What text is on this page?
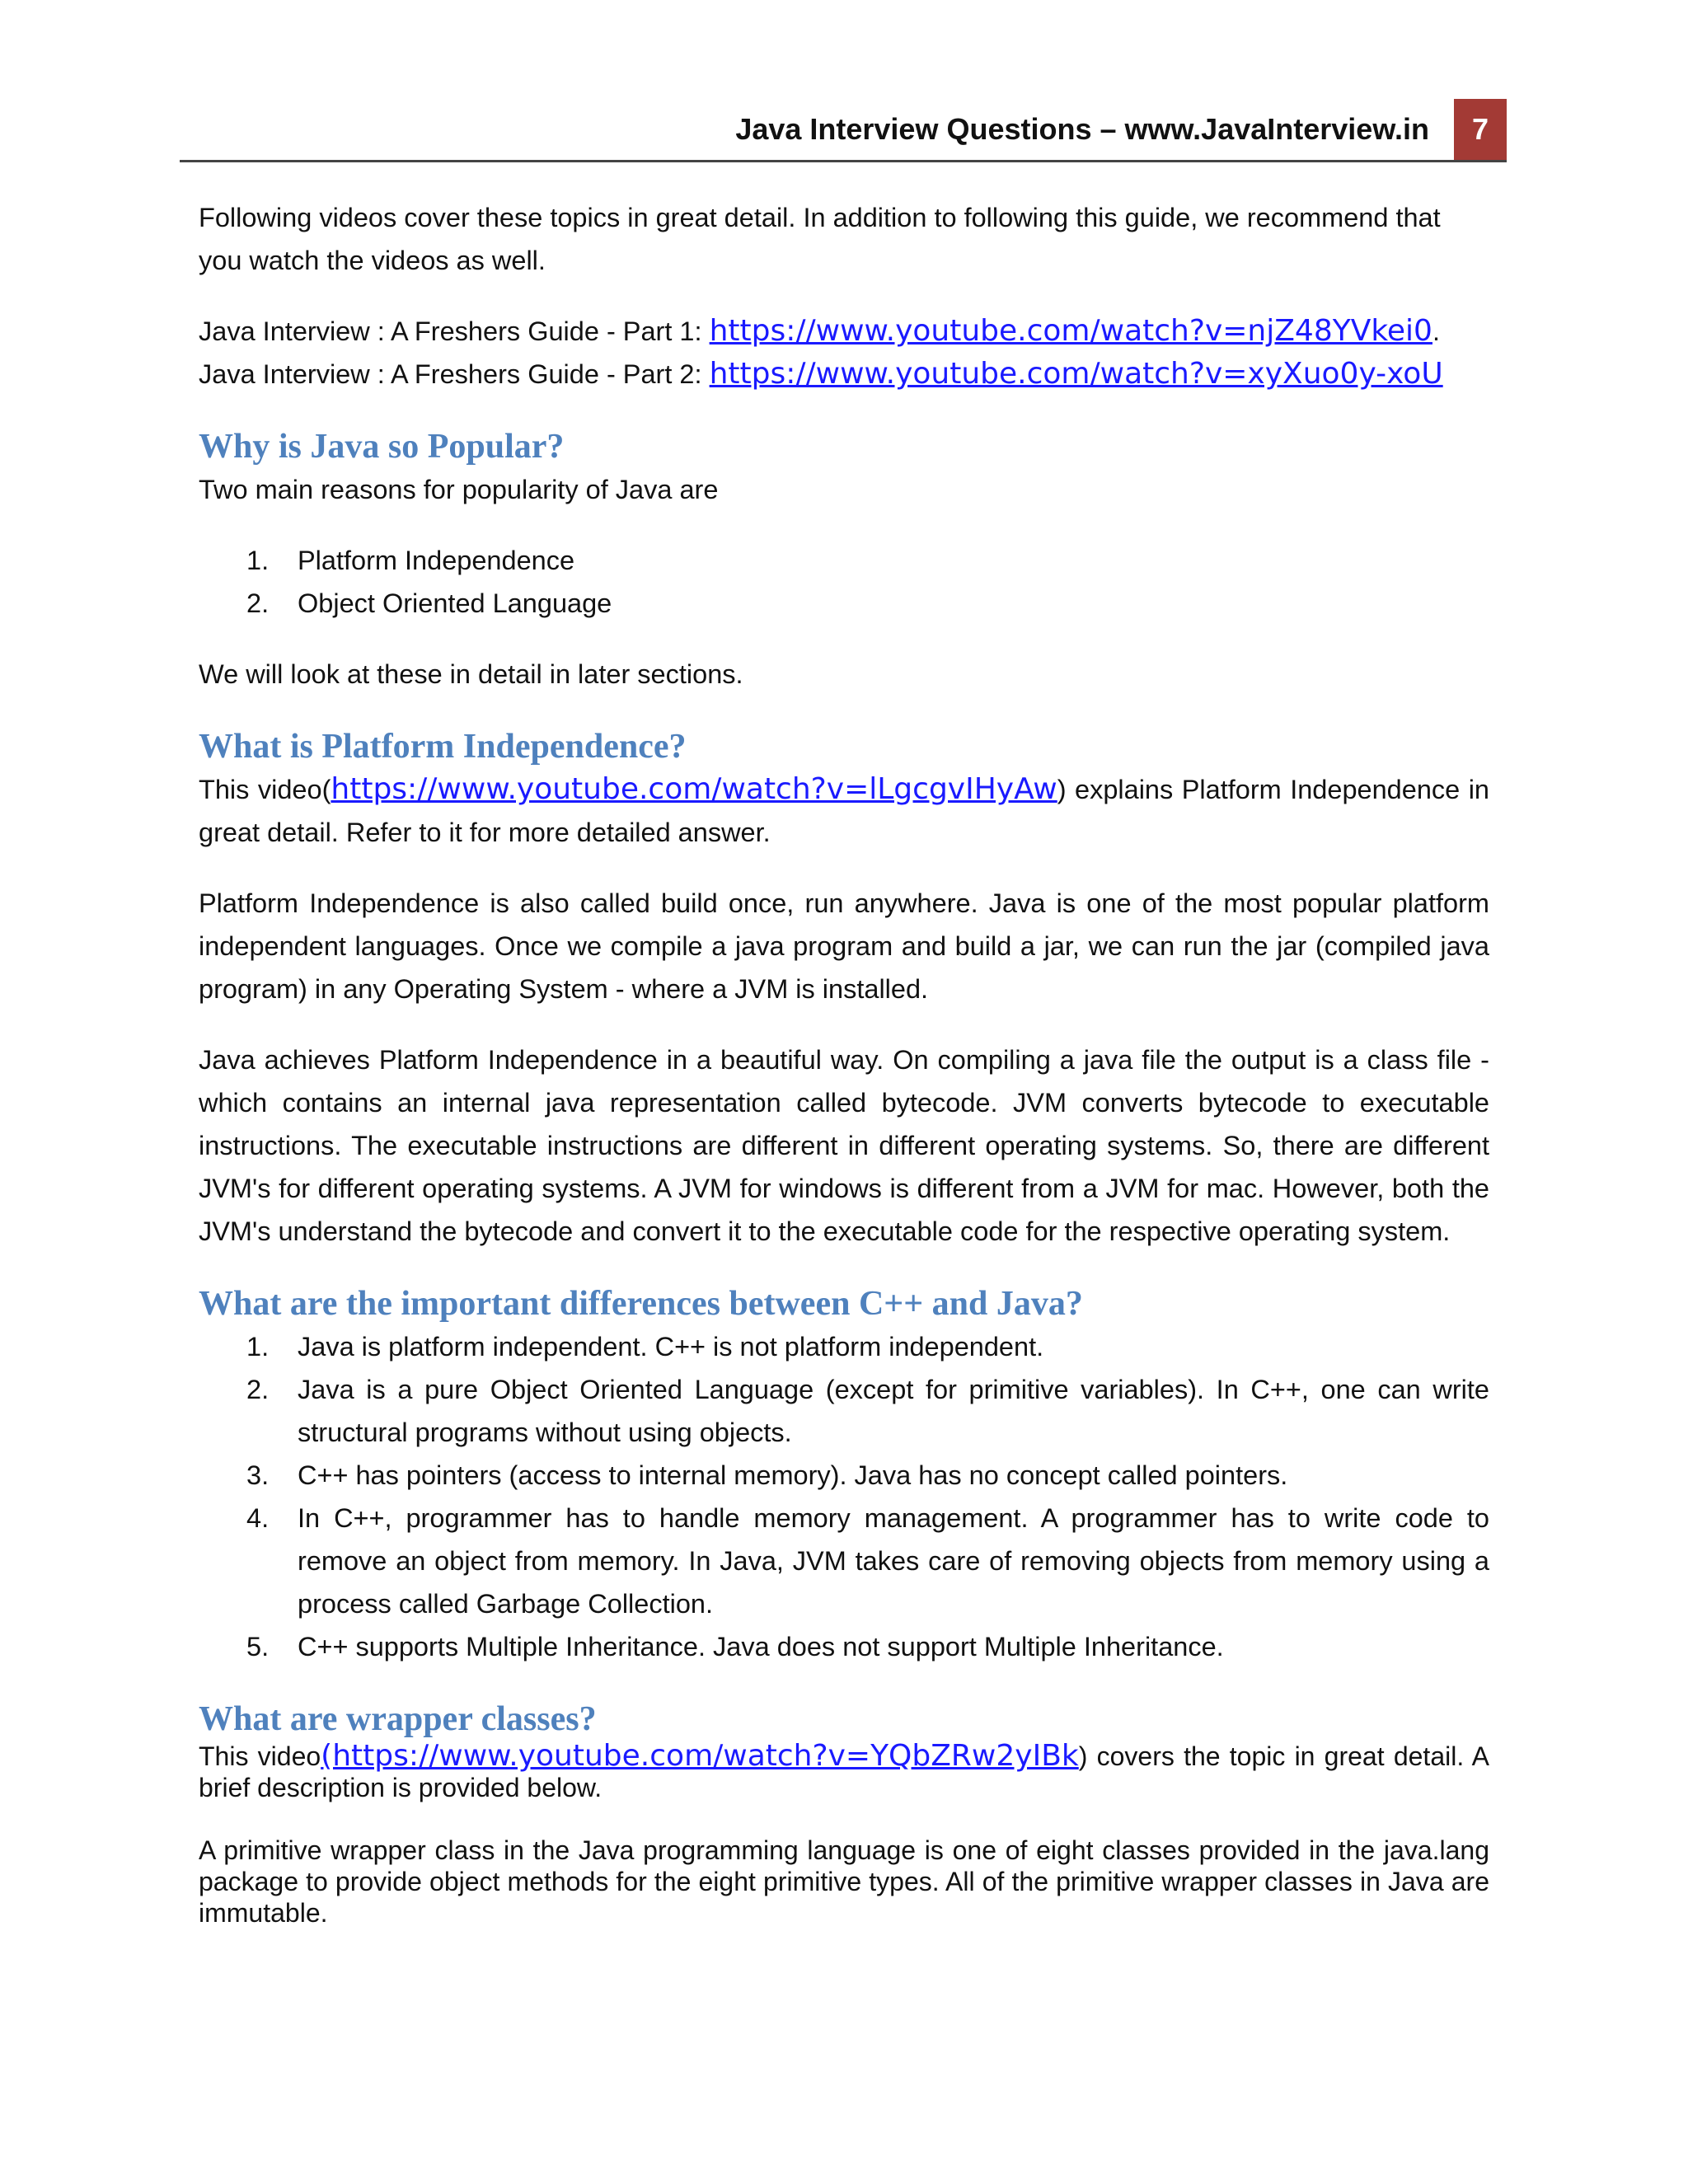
Java Interview Questions – www.JavaInterview.in	7

Following videos cover these topics in great detail. In addition to following this guide, we recommend that you watch the videos as well.

Java Interview : A Freshers Guide - Part 1: https://www.youtube.com/watch?v=njZ48YVkei0.

Java Interview : A Freshers Guide - Part 2: https://www.youtube.com/watch?v=xyXuo0y-xoU

Why is Java so Popular?

Two main reasons for popularity of Java are

1. Platform Independence
2. Object Oriented Language

We will look at these in detail in later sections.

What is Platform Independence?

This video(https://www.youtube.com/watch?v=lLgcgvIHyAw) explains Platform Independence in great detail. Refer to it for more detailed answer.

Platform Independence is also called build once, run anywhere. Java is one of the most popular platform independent languages. Once we compile a java program and build a jar, we can run the jar (compiled java program) in any Operating System - where a JVM is installed.

Java achieves Platform Independence in a beautiful way. On compiling a java file the output is a class file - which contains an internal java representation called bytecode. JVM converts bytecode to executable instructions. The executable instructions are different in different operating systems. So, there are different JVM's for different operating systems. A JVM for windows is different from a JVM for mac. However, both the JVM's understand the bytecode and convert it to the executable code for the respective operating system.

What are the important differences between C++ and Java?
1. Java is platform independent. C++ is not platform independent.
2. Java is a pure Object Oriented Language (except for primitive variables). In C++, one can write structural programs without using objects.
3. C++ has pointers (access to internal memory). Java has no concept called pointers.
4. In C++, programmer has to handle memory management. A programmer has to write code to remove an object from memory. In Java, JVM takes care of removing objects from memory using a process called Garbage Collection.
5. C++ supports Multiple Inheritance. Java does not support Multiple Inheritance.
What are wrapper classes?

This video(https://www.youtube.com/watch?v=YQbZRw2yIBk) covers the topic in great detail. A brief description is provided below.

A primitive wrapper class in the Java programming language is one of eight classes provided in the java.lang package to provide object methods for the eight primitive types. All of the primitive wrapper classes in Java are immutable.
